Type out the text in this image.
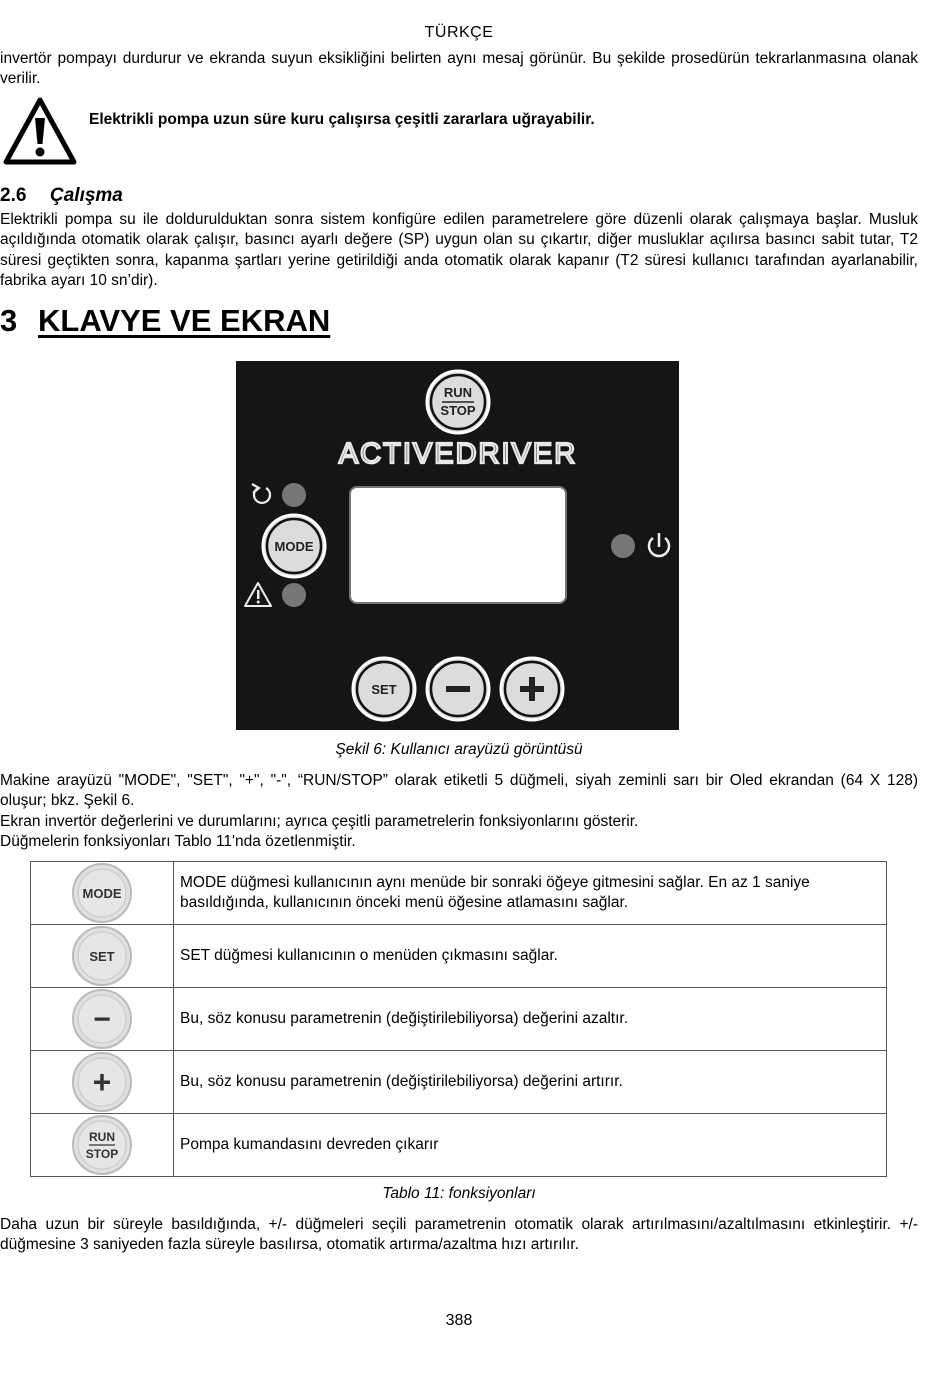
TÜRKÇE
invertör pompayı durdurur ve ekranda suyun eksikliğini belirten aynı mesaj görünür. Bu şekilde prosedürün tekrarlanmasına olanak verilir.
Elektrikli pompa uzun süre kuru çalışırsa çeşitli zararlara uğrayabilir.
2.6 Çalışma
Elektrikli pompa su ile doldurulduktan sonra sistem konfigüre edilen parametrelere göre düzenli olarak çalışmaya başlar. Musluk açıldığında otomatik olarak çalışır, basıncı ayarlı değere (SP) uygun olan su çıkartır, diğer musluklar açılırsa basıncı sabit tutar, T2 süresi geçtikten sonra, kapanma şartları yerine getirildiği anda otomatik olarak kapanır (T2 süresi kullanıcı tarafından ayarlanabilir, fabrika ayarı 10 sn’dir).
3 KLAVYE VE EKRAN
RUN
STOP
ACTIVEDRIVER
MODE
SET
Şekil 6: Kullanıcı arayüzü görüntüsü
Makine arayüzü "MODE", "SET", "+", "-", “RUN/STOP” olarak etiketli 5 düğmeli, siyah zeminli sarı bir Oled ekrandan (64 X 128) oluşur; bkz. Şekil 6.
Ekran invertör değerlerini ve durumlarını; ayrıca çeşitli parametrelerin fonksiyonlarını gösterir.
Düğmelerin fonksiyonları Tablo 11'nda özetlenmiştir.
MODE	MODE düğmesi kullanıcının aynı menüde bir sonraki öğeye gitmesini sağlar. En az 1 saniye basıldığında, kullanıcının önceki menü öğesine atlamasını sağlar.

SET	SET düğmesi kullanıcının o menüden çıkmasını sağlar.

−	Bu, söz konusu parametrenin (değiştirilebiliyorsa) değerini azaltır.

+	Bu, söz konusu parametrenin (değiştirilebiliyorsa) değerini artırır.

RUN
STOP	Pompa kumandasını devreden çıkarır
Tablo 11: fonksiyonları
Daha uzun bir süreyle basıldığında, +/- düğmeleri seçili parametrenin otomatik olarak artırılmasını/azaltılmasını etkinleştirir. +/- düğmesine 3 saniyeden fazla süreyle basılırsa, otomatik artırma/azaltma hızı artırılır.
388
